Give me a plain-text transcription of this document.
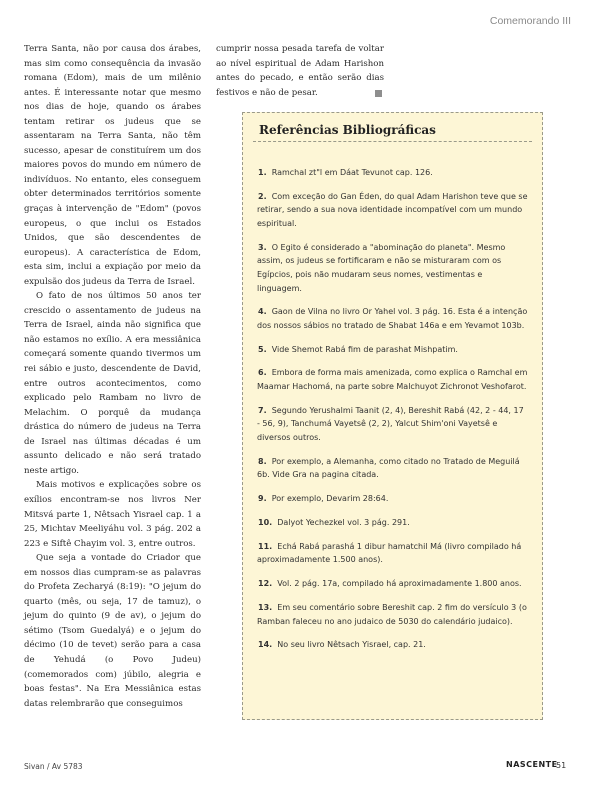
Comemorando III

Terra Santa, não por causa dos árabes, mas sim como consequência da invasão romana (Edom), mais de um milênio antes. É interessante notar que mesmo nos dias de hoje, quando os árabes tentam retirar os judeus que se assentaram na Terra Santa, não têm sucesso, apesar de constituírem um dos maiores povos do mundo em número de indivíduos. No entanto, eles conseguem obter determinados territórios somente graças à intervenção de "Edom" (povos europeus, o que inclui os Estados Unidos, que são descendentes de europeus). A característica de Edom, esta sim, inclui a expiação por meio da expulsão dos judeus da Terra de Israel.

O fato de nos últimos 50 anos ter crescido o assentamento de judeus na Terra de Israel, ainda não significa que não estamos no exílio. A era messiânica começará somente quando tivermos um rei sábio e justo, descendente de David, entre outros acontecimentos, como explicado pelo Rambam no livro de Melachim. O porquê da mudança drástica do número de judeus na Terra de Israel nas últimas décadas é um assunto delicado e não será tratado neste artigo.

Mais motivos e explicações sobre os exílios encontram-se nos livros Ner Mitsvá parte 1, Nêtsach Yisrael cap. 1 a 25, Michtav Meeliyáhu vol. 3 pág. 202 a 223 e Siftê Chayim vol. 3, entre outros.

Que seja a vontade do Criador que em nossos dias cumpram-se as palavras do Profeta Zecharyá (8:19): "O jejum do quarto (mês, ou seja, 17 de tamuz), o jejum do quinto (9 de av), o jejum do sétimo (Tsom Guedalyá) e o jejum do décimo (10 de tevet) serão para a casa de Yehudá (o Povo Judeu) (comemorados com) júbilo, alegria e boas festas". Na Era Messiânica estas datas relembrarão que conseguimos

cumprir nossa pesada tarefa de voltar ao nível espiritual de Adam Harishon antes do pecado, e então serão dias festivos e não de pesar.

Referências Bibliográficas

1. Ramchal zt"l em Dáat Tevunot cap. 126.

2. Com exceção do Gan Éden, do qual Adam Harishon teve que se retirar, sendo a sua nova identidade incompatível com um mundo espiritual.

3. O Egito é considerado a "abominação do planeta". Mesmo assim, os judeus se fortificaram e não se misturaram com os Egípcios, pois não mudaram seus nomes, vestimentas e linguagem.

4. Gaon de Vilna no livro Or Yahel vol. 3 pág. 16. Esta é a intenção dos nossos sábios no tratado de Shabat 146a e em Yevamot 103b.

5. Vide Shemot Rabá fim de parashat Mishpatim.

6. Embora de forma mais amenizada, como explica o Ramchal em Maamar Hachomá, na parte sobre Malchuyot Zichronot Veshofarot.

7. Segundo Yerushalmi Taanit (2, 4), Bereshit Rabá (42, 2 - 44, 17 - 56, 9), Tanchumá Vayetsê (2, 2), Yalcut Shim'oni Vayetsê e diversos outros.

8. Por exemplo, a Alemanha, como citado no Tratado de Meguilá 6b. Vide Gra na pagina citada.

9. Por exemplo, Devarim 28:64.

10. Dalyot Yechezkel vol. 3 pág. 291.

11. Echá Rabá parashá 1 dibur hamatchil Má (livro compilado há aproximadamente 1.500 anos).

12. Vol. 2 pág. 17a, compilado há aproximadamente 1.800 anos.

13. Em seu comentário sobre Bereshit cap. 2 fim do versículo 3 (o Ramban faleceu no ano judaico de 5030 do calendário judaico).

14. No seu livro Nêtsach Yisrael, cap. 21.

Sivan / Av 5783	NASCENTE
51
